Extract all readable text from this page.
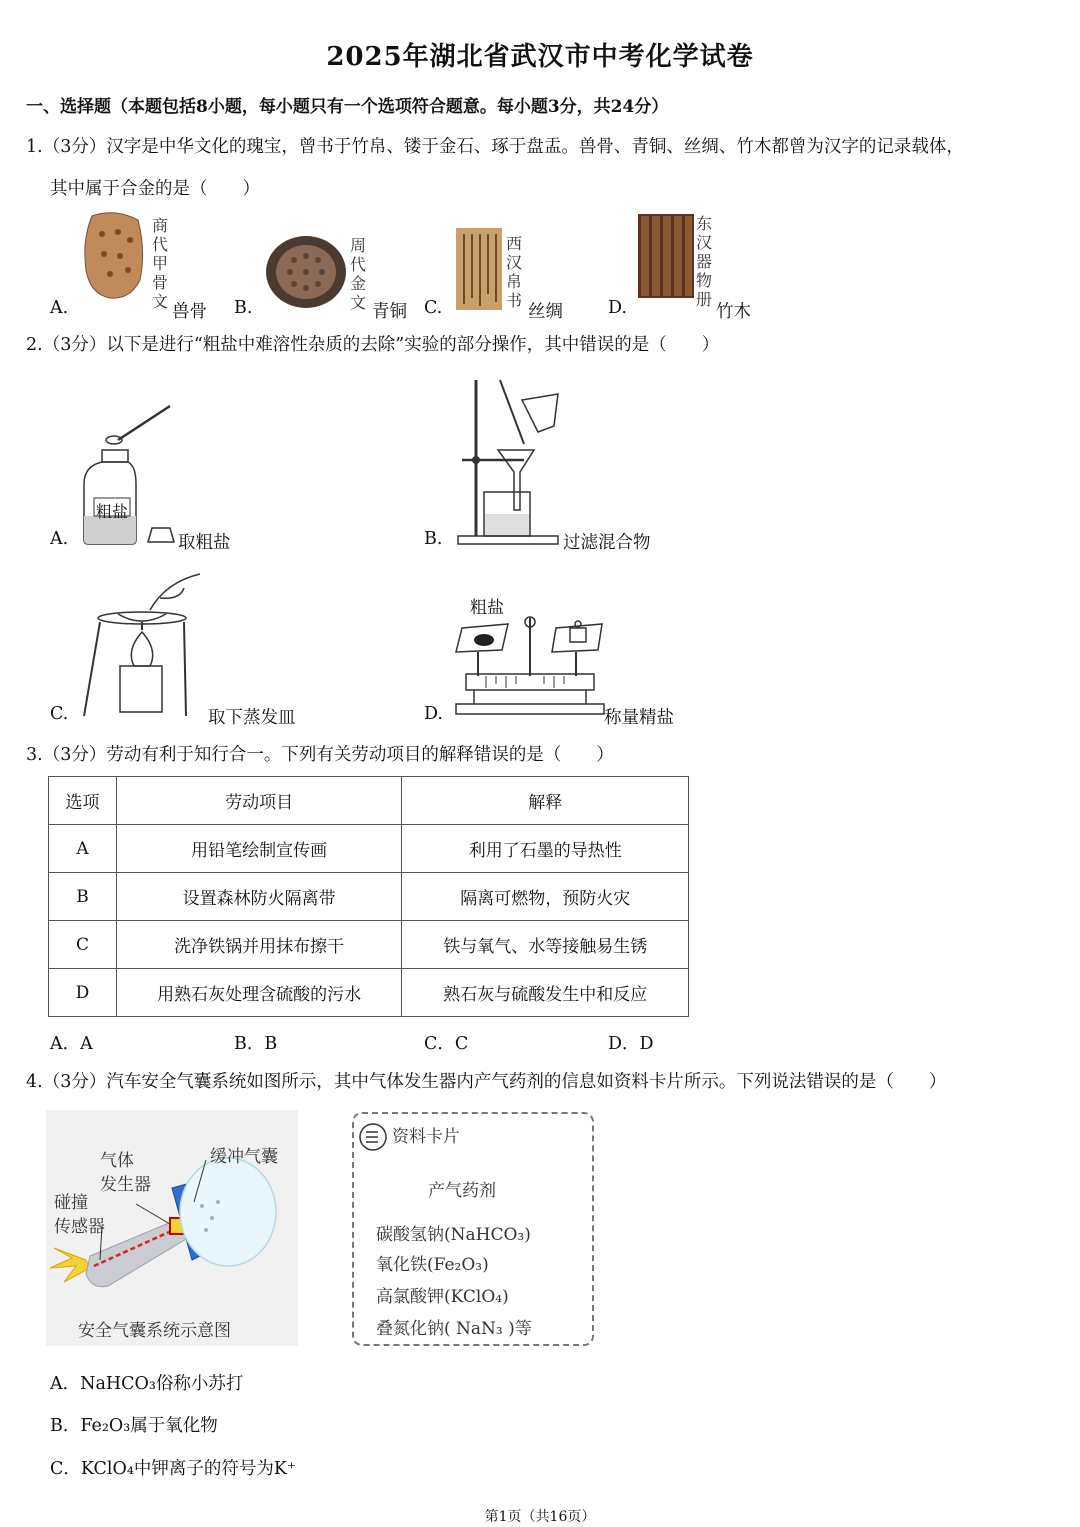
2025年湖北省武汉市中考化学试卷
一、选择题（本题包括8小题，每小题只有一个选项符合题意。每小题3分，共24分）
1.（3分）汉字是中华文化的瑰宝，曾书于竹帛、镂于金石、琢于盘盂。兽骨、青铜、丝绸、竹木都曾为汉字的记录载体，
其中属于合金的是（　　）
A.
商代甲骨文
兽骨 B.
周代金文 青铜 C.
西汉帛书
丝绸	D.
东汉器物册
竹木
2.（3分）以下是进行“粗盐中难溶性杂质的去除”实验的部分操作，其中错误的是（　　）
粗盐
A.	取粗盐	B.	过滤混合物
C.	取下蒸发皿
粗盐
D.	称量精盐
3.（3分）劳动有利于知行合一。下列有关劳动项目的解释错误的是（　　）
选项	劳动项目	解释
A	用铅笔绘制宣传画	利用了石墨的导热性
B	设置森林防火隔离带	隔离可燃物，预防火灾
C	洗净铁锅并用抹布擦干	铁与氧气、水等接触易生锈
D	用熟石灰处理含硫酸的污水	熟石灰与硫酸发生中和反应
A．A	B．B	C．C	D．D
4.（3分）汽车安全气囊系统如图所示，其中气体发生器内产气药剂的信息如资料卡片所示。下列说法错误的是（　　）
气体
发生器
缓冲气囊
碰撞
传感器
安全气囊系统示意图
资料卡片
产气药剂
碳酸氢钠(NaHCO₃)
氧化铁(Fe₂O₃)
高氯酸钾(KClO₄)
叠氮化钠( NaN₃ )等
A．NaHCO₃俗称小苏打
B．Fe₂O₃属于氧化物
C．KClO₄中钾离子的符号为K⁺
第1页（共16页）
